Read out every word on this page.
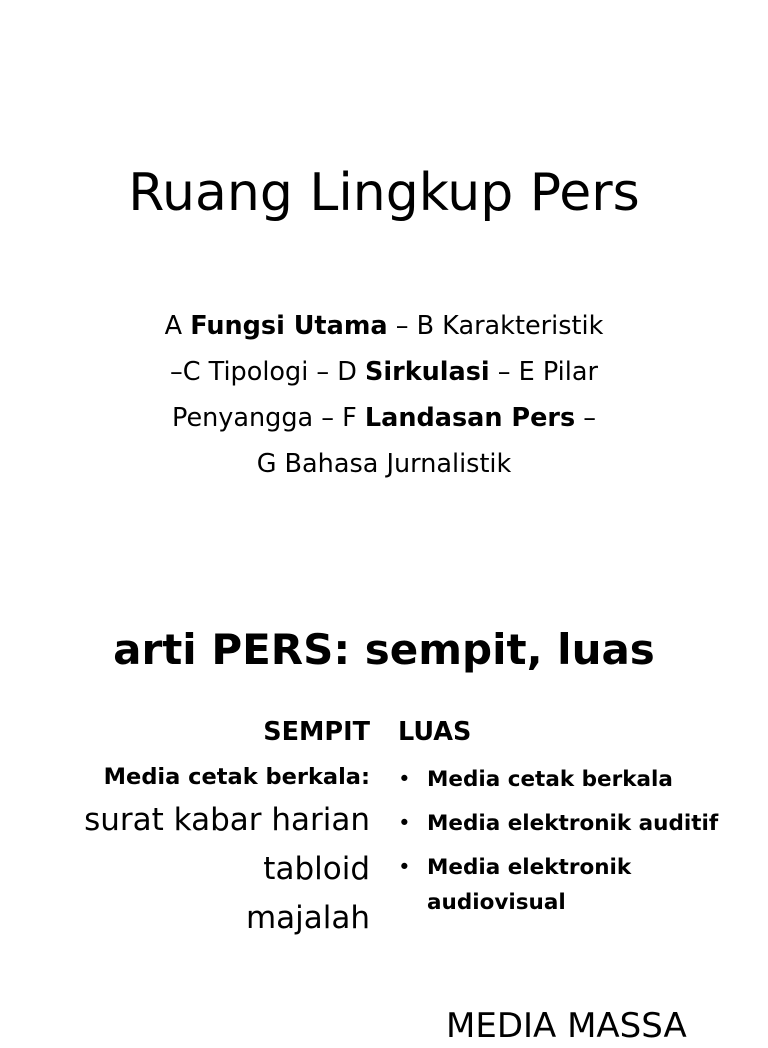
Ruang Lingkup Pers

A Fungsi Utama – B Karakteristik
–C Tipologi – D Sirkulasi – E Pilar
Penyangga – F Landasan Pers –
G Bahasa Jurnalistik

arti PERS: sempit, luas

SEMPIT

Media cetak berkala:

surat kabar harian

tabloid

majalah

LUAS

• Media cetak berkala
• Media elektronik auditif
• Media elektronik audiovisual

MEDIA MASSA
